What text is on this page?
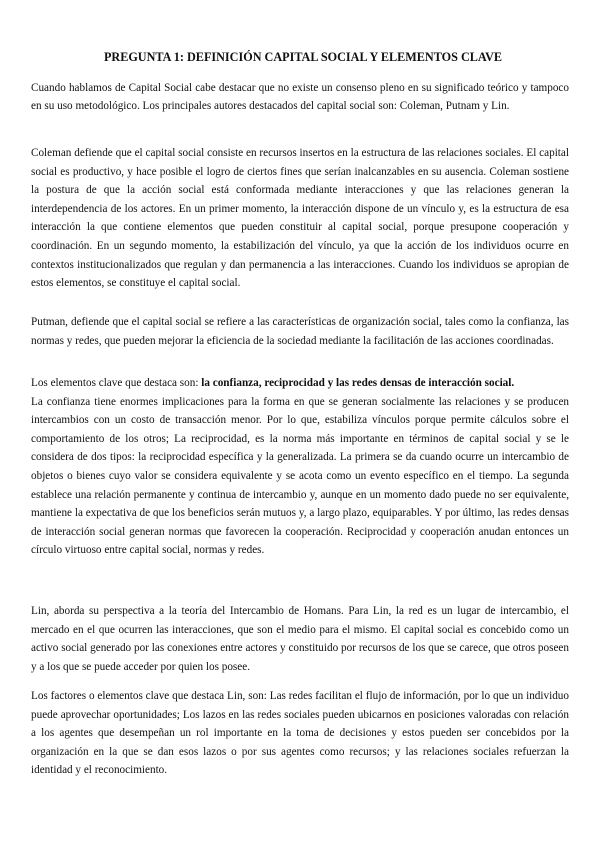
PREGUNTA 1: DEFINICIÓN CAPITAL SOCIAL Y ELEMENTOS CLAVE

Cuando hablamos de Capital Social cabe destacar que no existe un consenso pleno en su significado teórico y tampoco en su uso metodológico. Los principales autores destacados del capital social son: Coleman, Putnam y Lin.

Coleman defiende que el capital social consiste en recursos insertos en la estructura de las relaciones sociales. El capital social es productivo, y hace posible el logro de ciertos fines que serían inalcanzables en su ausencia. Coleman sostiene la postura de que la acción social está conformada mediante interacciones y que las relaciones generan la interdependencia de los actores. En un primer momento, la interacción dispone de un vínculo y, es la estructura de esa interacción la que contiene elementos que pueden constituir al capital social, porque presupone cooperación y coordinación. En un segundo momento, la estabilización del vínculo, ya que la acción de los individuos ocurre en contextos institucionalizados que regulan y dan permanencia a las interacciones. Cuando los individuos se apropian de estos elementos, se constituye el capital social.

Putman, defiende que el capital social se refiere a las características de organización social, tales como la confianza, las normas y redes, que pueden mejorar la eficiencia de la sociedad mediante la facilitación de las acciones coordinadas.

Los elementos clave que destaca son: la confianza, reciprocidad y las redes densas de interacción social.
La confianza tiene enormes implicaciones para la forma en que se generan socialmente las relaciones y se producen intercambios con un costo de transacción menor. Por lo que, estabiliza vínculos porque permite cálculos sobre el comportamiento de los otros; La reciprocidad, es la norma más importante en términos de capital social y se le considera de dos tipos: la reciprocidad específica y la generalizada. La primera se da cuando ocurre un intercambio de objetos o bienes cuyo valor se considera equivalente y se acota como un evento específico en el tiempo. La segunda establece una relación permanente y continua de intercambio y, aunque en un momento dado puede no ser equivalente, mantiene la expectativa de que los beneficios serán mutuos y, a largo plazo, equiparables. Y por último, las redes densas de interacción social generan normas que favorecen la cooperación. Reciprocidad y cooperación anudan entonces un círculo virtuoso entre capital social, normas y redes.

Lin, aborda su perspectiva a la teoría del Intercambio de Homans. Para Lin, la red es un lugar de intercambio, el mercado en el que ocurren las interacciones, que son el medio para el mismo. El capital social es concebido como un activo social generado por las conexiones entre actores y constituido por recursos de los que se carece, que otros poseen y a los que se puede acceder por quien los posee.

Los factores o elementos clave que destaca Lin, son: Las redes facilitan el flujo de información, por lo que un individuo puede aprovechar oportunidades; Los lazos en las redes sociales pueden ubicarnos en posiciones valoradas con relación a los agentes que desempeñan un rol importante en la toma de decisiones y estos pueden ser concebidos por la organización en la que se dan esos lazos o por sus agentes como recursos; y las relaciones sociales refuerzan la identidad y el reconocimiento.
